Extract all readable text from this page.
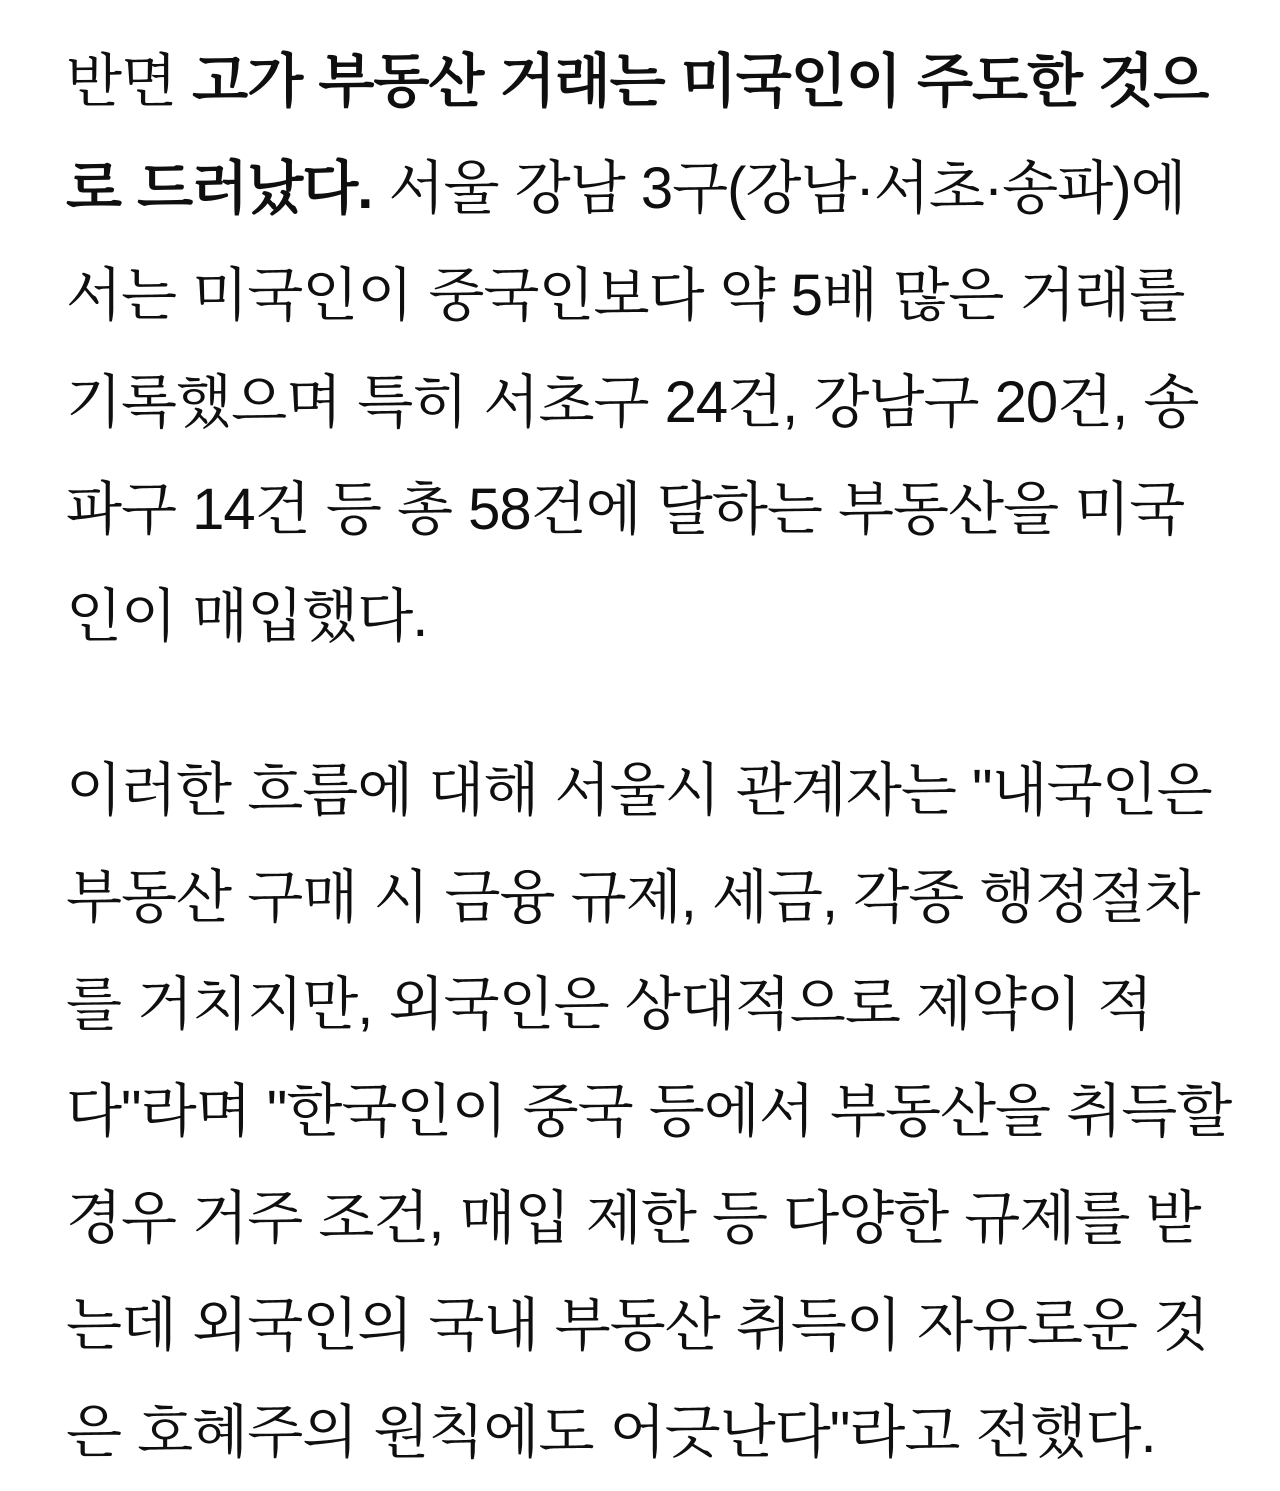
반면 고가 부동산 거래는 미국인이 주도한 것으
로 드러났다. 서울 강남 3구(강남·서초·송파)에
서는 미국인이 중국인보다 약 5배 많은 거래를
기록했으며 특히 서초구 24건, 강남구 20건, 송
파구 14건 등 총 58건에 달하는 부동산을 미국
인이 매입했다.

이러한 흐름에 대해 서울시 관계자는 "내국인은
부동산 구매 시 금융 규제, 세금, 각종 행정절차
를 거치지만, 외국인은 상대적으로 제약이 적
다"라며 "한국인이 중국 등에서 부동산을 취득할
경우 거주 조건, 매입 제한 등 다양한 규제를 받
는데 외국인의 국내 부동산 취득이 자유로운 것
은 호혜주의 원칙에도 어긋난다"라고 전했다.
